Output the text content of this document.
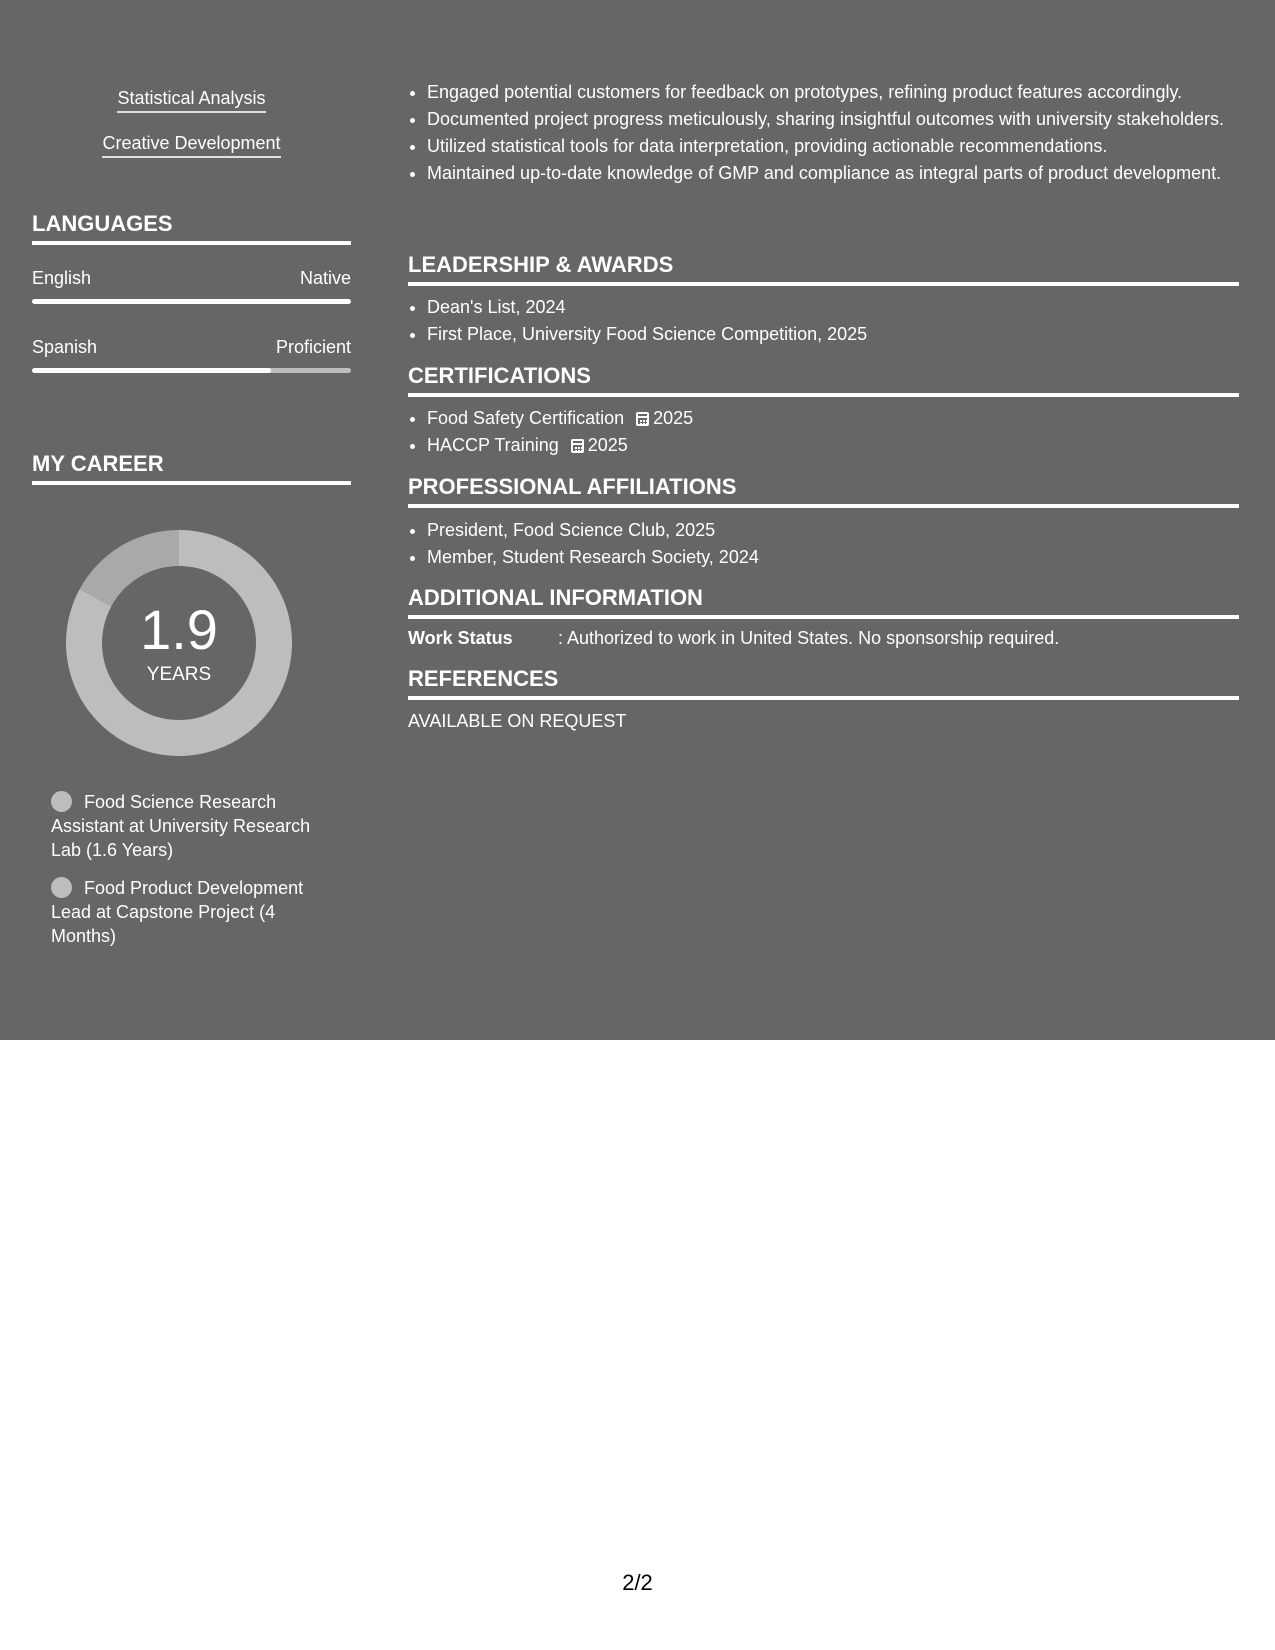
Statistical Analysis
Creative Development
LANGUAGES
English	Native
Spanish	Proficient
MY CAREER
1.9
YEARS
Food Science Research Assistant at University Research Lab (1.6 Years)
Food Product Development Lead at Capstone Project (4 Months)
• Engaged potential customers for feedback on prototypes, refining product features accordingly.
• Documented project progress meticulously, sharing insightful outcomes with university stakeholders.
• Utilized statistical tools for data interpretation, providing actionable recommendations.
• Maintained up-to-date knowledge of GMP and compliance as integral parts of product development.
LEADERSHIP & AWARDS
• Dean's List, 2024
• First Place, University Food Science Competition, 2025
CERTIFICATIONS
• Food Safety Certification 2025
• HACCP Training 2025
PROFESSIONAL AFFILIATIONS
• President, Food Science Club, 2025
• Member, Student Research Society, 2024
ADDITIONAL INFORMATION
Work Status	: Authorized to work in United States. No sponsorship required.
REFERENCES
AVAILABLE ON REQUEST
2/2
